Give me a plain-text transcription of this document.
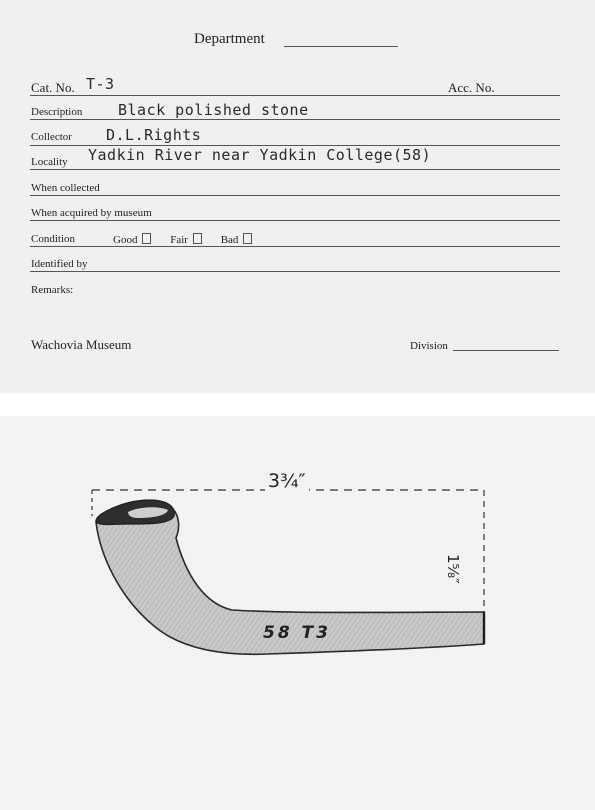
Department
Cat. No. T-3	Acc. No.
Description Black polished stone
Collector D.L.Rights
Locality Yadkin River near Yadkin College(58)
When collected
When acquired by museum
Condition	Good	Fair	Bad
Identified by
Remarks:
Wachovia Museum	Division
3¾″
1⅝″
58 T3
